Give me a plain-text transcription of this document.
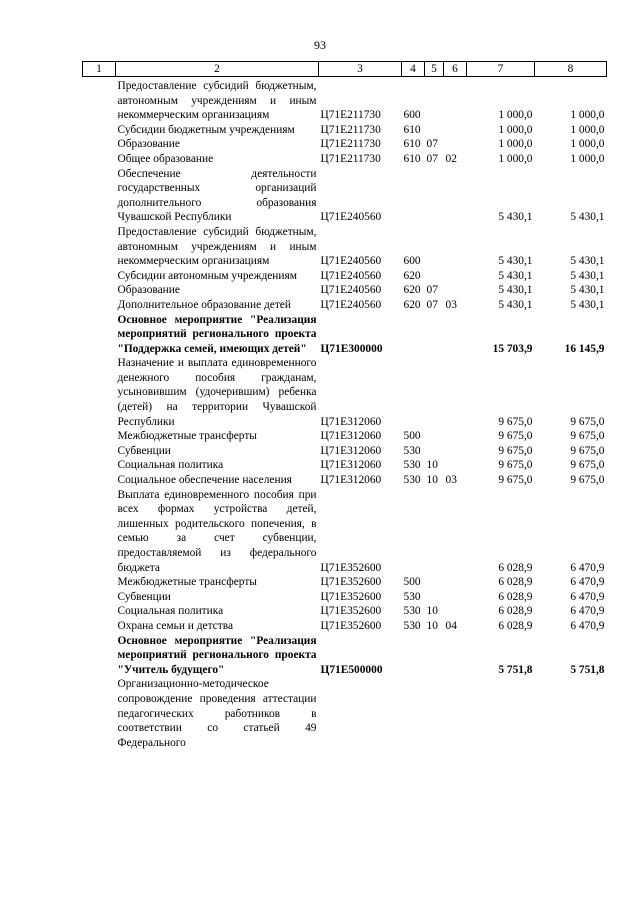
93
1	2	3	4	5	6	7	8
	Предоставление субсидий бюджетным, автономным учреждениям и иным некоммерческим организациям	Ц71E211730	600			1 000,0	1 000,0
	Субсидии бюджетным учреждениям	Ц71E211730	610			1 000,0	1 000,0
	Образование	Ц71E211730	610	07		1 000,0	1 000,0
	Общее образование	Ц71E211730	610	07	02	1 000,0	1 000,0
	Обеспечение деятельности государственных организаций дополнительного образования Чувашской Республики	Ц71E240560				5 430,1	5 430,1
	Предоставление субсидий бюджетным, автономным учреждениям и иным некоммерческим организациям	Ц71E240560	600			5 430,1	5 430,1
	Субсидии автономным учреждениям	Ц71E240560	620			5 430,1	5 430,1
	Образование	Ц71E240560	620	07		5 430,1	5 430,1
	Дополнительное образование детей	Ц71E240560	620	07	03	5 430,1	5 430,1
	Основное мероприятие "Реализация мероприятий регионального проекта "Поддержка семей, имеющих детей"	Ц71E300000				15 703,9	16 145,9
	Назначение и выплата единовременного денежного пособия гражданам, усыновившим (удочерившим) ребенка (детей) на территории Чувашской Республики	Ц71E312060				9 675,0	9 675,0
	Межбюджетные трансферты	Ц71E312060	500			9 675,0	9 675,0
	Субвенции	Ц71E312060	530			9 675,0	9 675,0
	Социальная политика	Ц71E312060	530	10		9 675,0	9 675,0
	Социальное обеспечение населения	Ц71E312060	530	10	03	9 675,0	9 675,0
	Выплата единовременного пособия при всех формах устройства детей, лишенных родительского попечения, в семью за счет субвенции, предоставляемой из федерального бюджета	Ц71E352600				6 028,9	6 470,9
	Межбюджетные трансферты	Ц71E352600	500			6 028,9	6 470,9
	Субвенции	Ц71E352600	530			6 028,9	6 470,9
	Социальная политика	Ц71E352600	530	10		6 028,9	6 470,9
	Охрана семьи и детства	Ц71E352600	530	10	04	6 028,9	6 470,9
	Основное мероприятие "Реализация мероприятий регионального проекта "Учитель будущего"	Ц71E500000				5 751,8	5 751,8
	Организационно-методическое сопровождение проведения аттестации педагогических работников в соответствии со статьей 49 Федерального						
